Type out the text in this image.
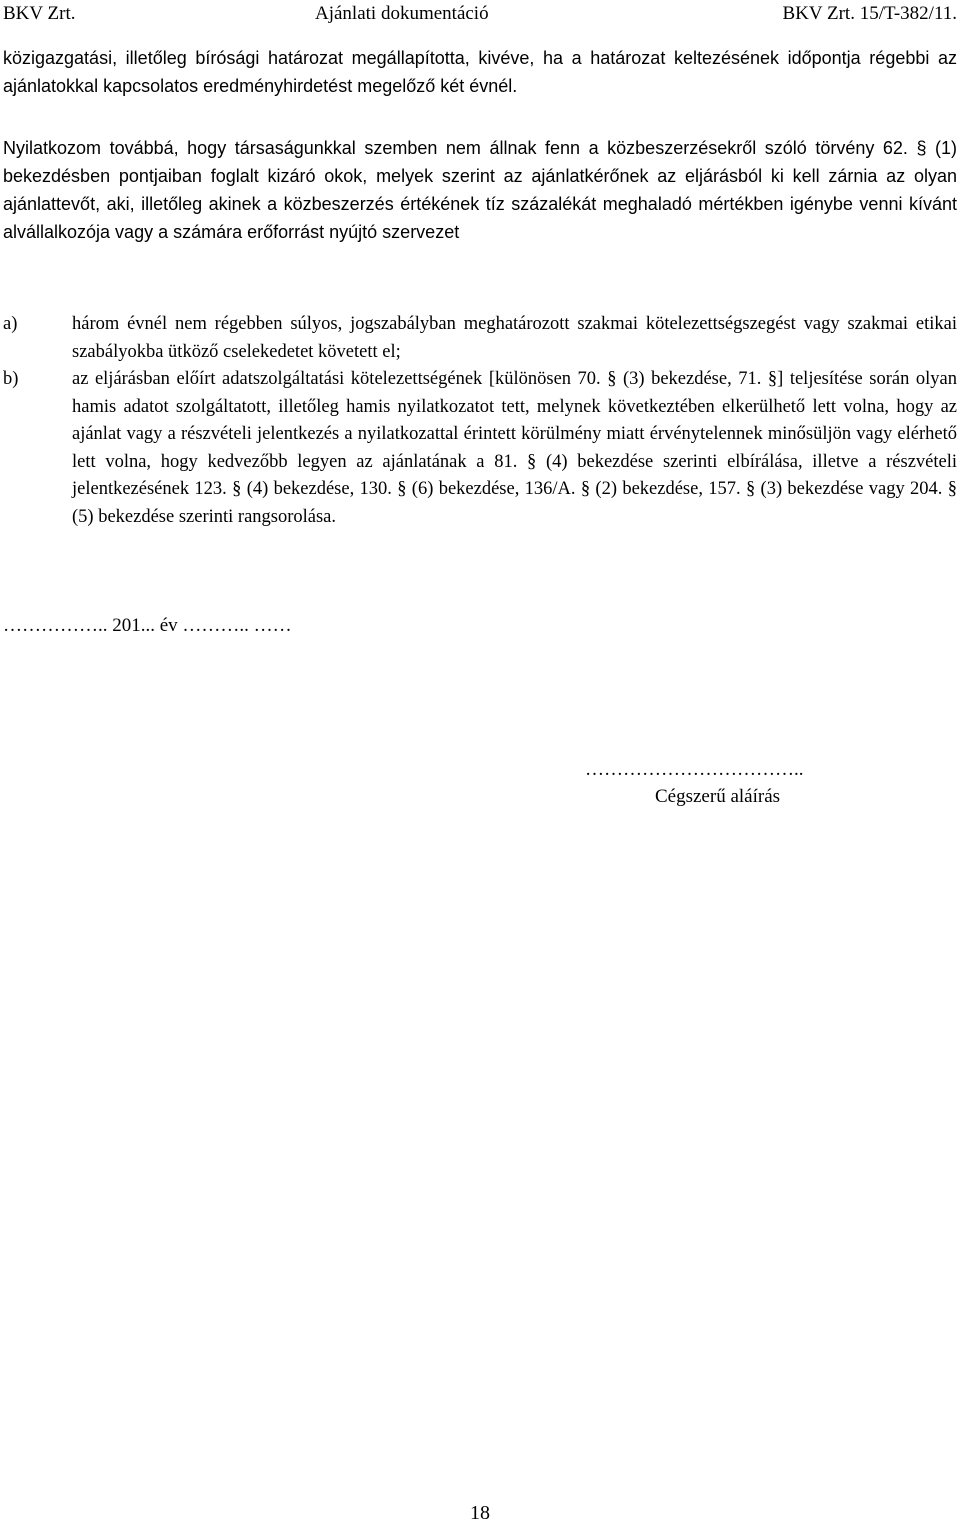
BKV Zrt.	Ajánlati dokumentáció	BKV Zrt. 15/T-382/11.

közigazgatási, illetőleg bírósági határozat megállapította, kivéve, ha a határozat keltezésének időpontja régebbi az ajánlatokkal kapcsolatos eredményhirdetést megelőző két évnél.

Nyilatkozom továbbá, hogy társaságunkkal szemben nem állnak fenn a közbeszerzésekről szóló törvény 62. § (1) bekezdésben pontjaiban foglalt kizáró okok, melyek szerint az ajánlatkérőnek az eljárásból ki kell zárnia az olyan ajánlattevőt, aki, illetőleg akinek a közbeszerzés értékének tíz százalékát meghaladó mértékben igénybe venni kívánt alvállalkozója vagy a számára erőforrást nyújtó szervezet

a)	három évnél nem régebben súlyos, jogszabályban meghatározott szakmai kötelezettségszegést vagy szakmai etikai szabályokba ütköző cselekedetet követett el;
b)	az eljárásban előírt adatszolgáltatási kötelezettségének [különösen 70. § (3) bekezdése, 71. §] teljesítése során olyan hamis adatot szolgáltatott, illetőleg hamis nyilatkozatot tett, melynek következtében elkerülhető lett volna, hogy az ajánlat vagy a részvételi jelentkezés a nyilatkozattal érintett körülmény miatt érvénytelennek minősüljön vagy elérhető lett volna, hogy kedvezőbb legyen az ajánlatának a 81. § (4) bekezdése szerinti elbírálása, illetve a részvételi jelentkezésének 123. § (4) bekezdése, 130. § (6) bekezdése, 136/A. § (2) bekezdése, 157. § (3) bekezdése vagy 204. § (5) bekezdése szerinti rangsorolása.
…………….. 201... év ……….. ……
……………………………..
Cégszerű aláírás
18
